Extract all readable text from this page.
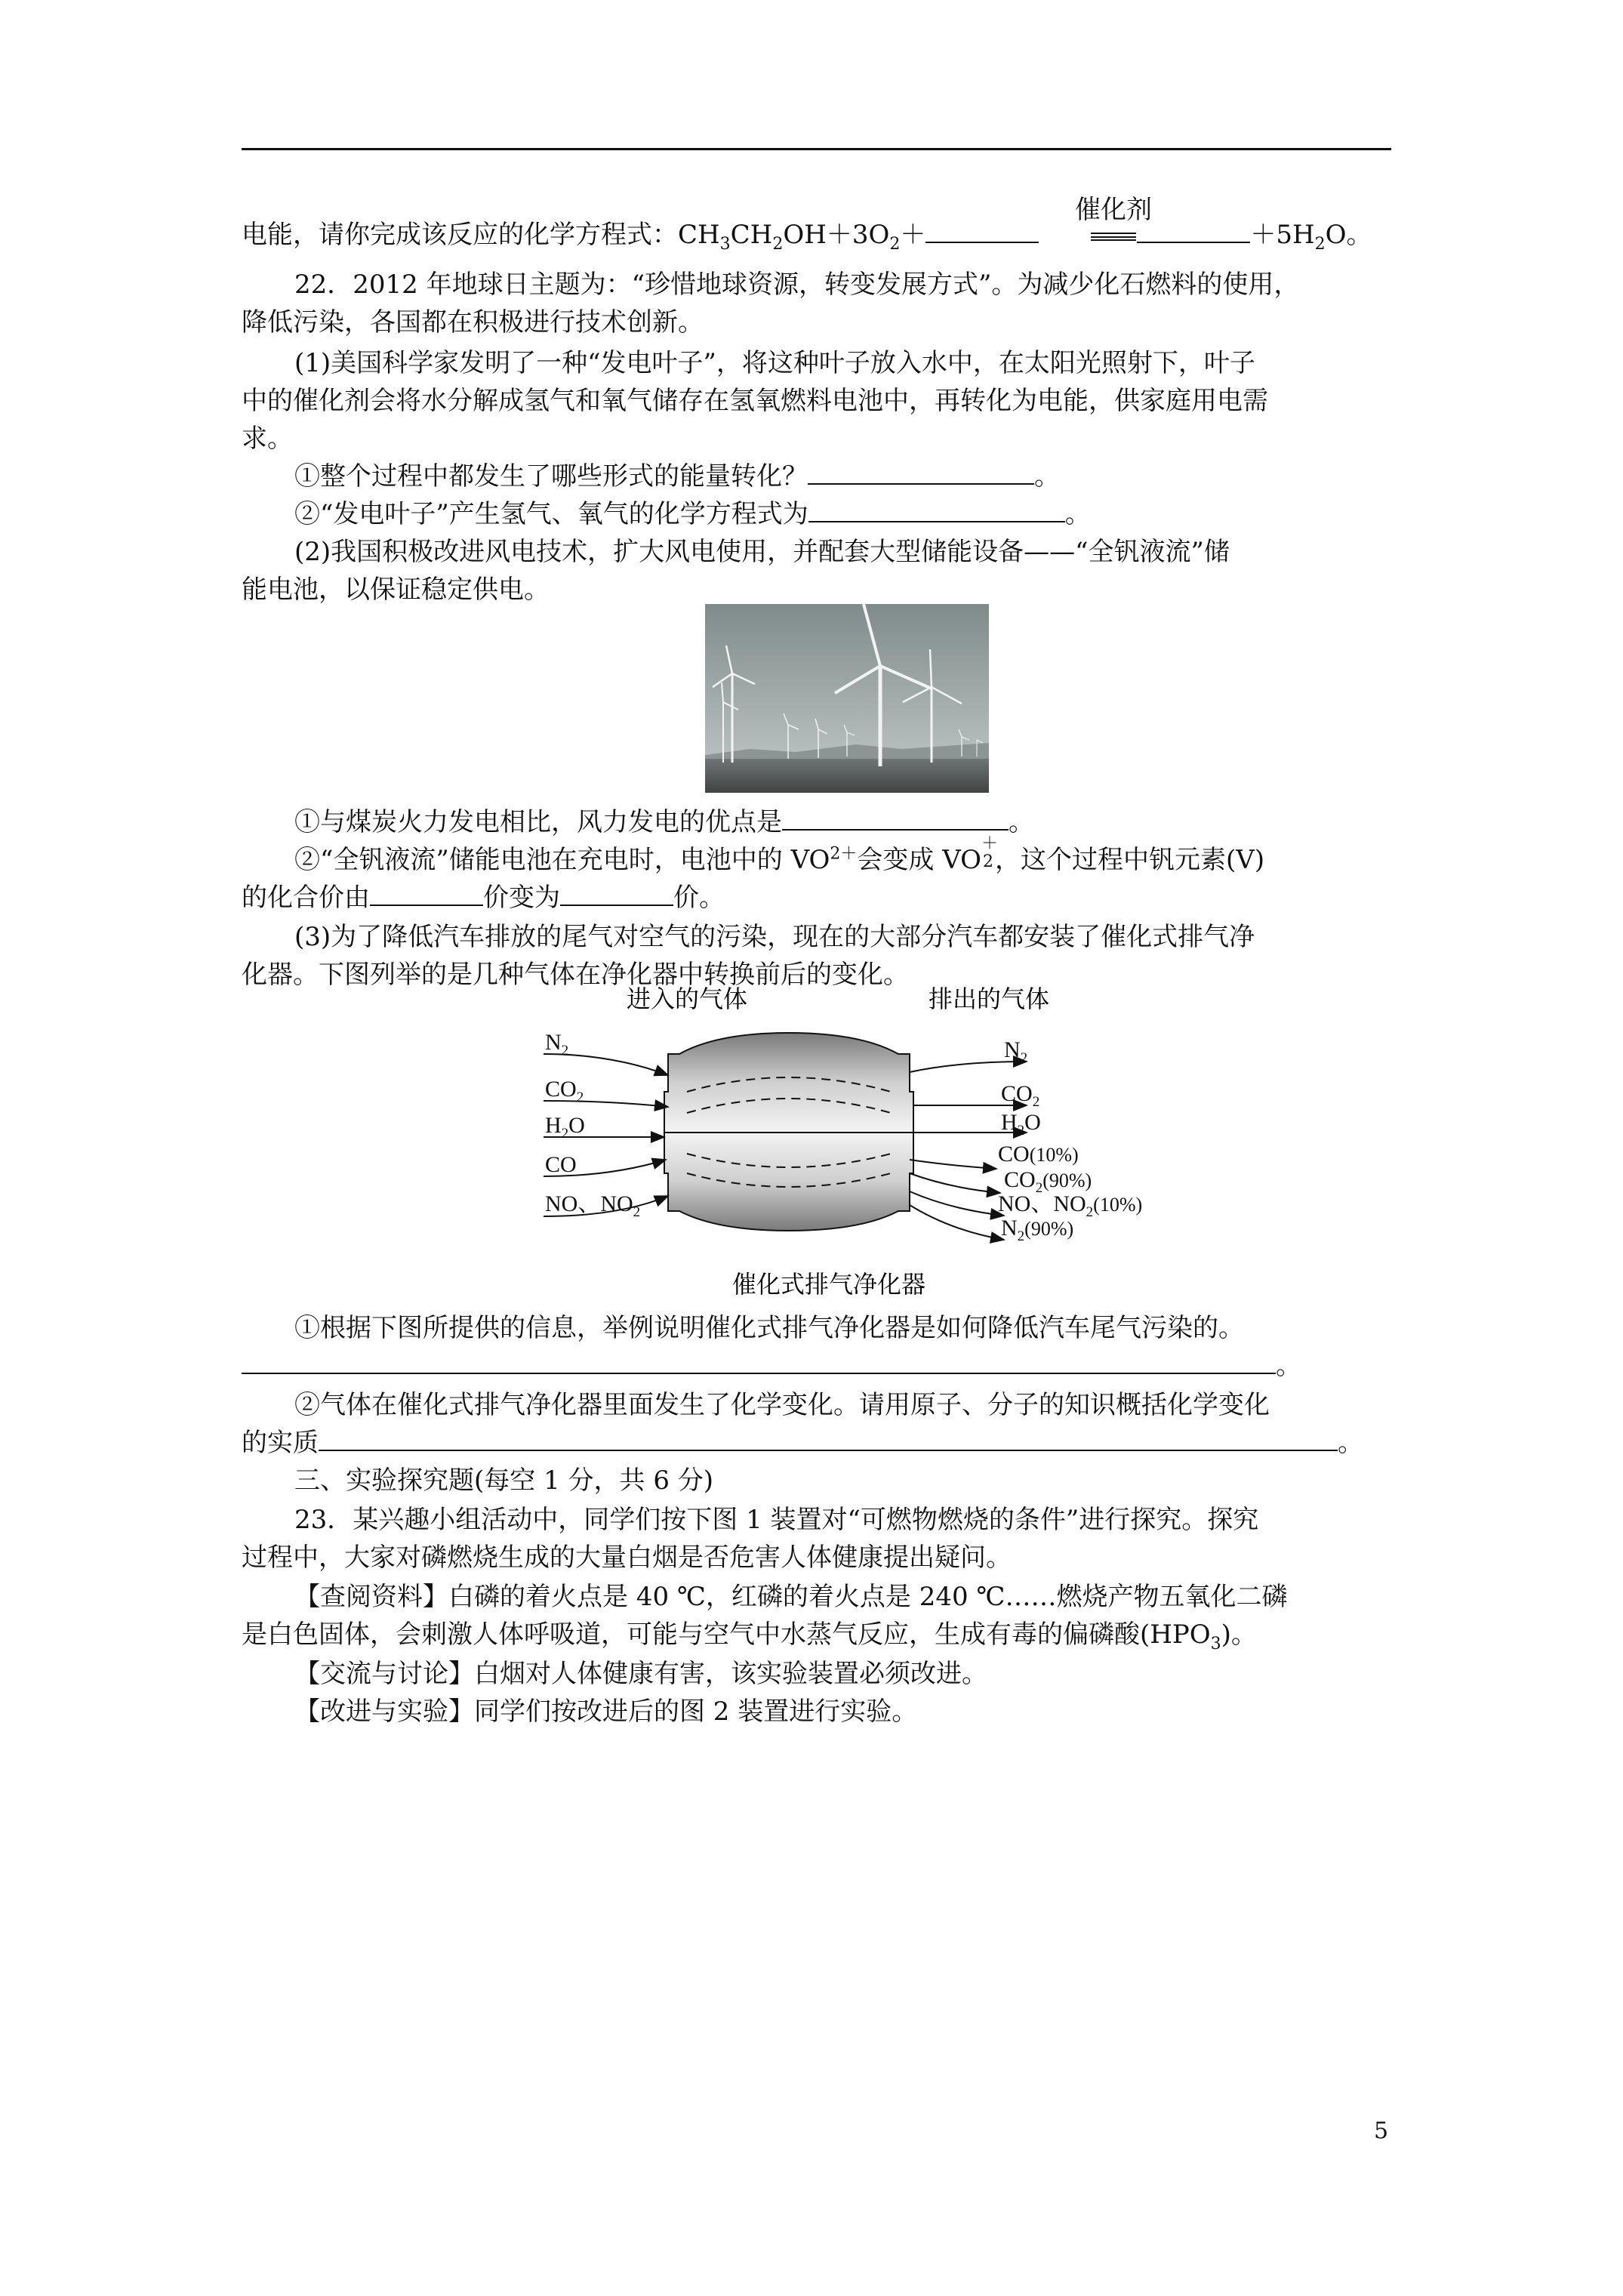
电能，请你完成该反应的化学方程式：$CH_3CH_2OH+3O_2+$	$+5H_2O$。
催化剂
22．2012 年地球日主题为：“珍惜地球资源，转变发展方式”。为减少化石燃料的使用，
降低污染，各国都在积极进行技术创新。
(1)美国科学家发明了一种“发电叶子”，将这种叶子放入水中，在太阳光照射下，叶子
中的催化剂会将水分解成氢气和氧气储存在氢氧燃料电池中，再转化为电能，供家庭用电需
求。
①整个过程中都发生了哪些形式的能量转化？	。
②“发电叶子”产生氢气、氧气的化学方程式为	。
(2)我国积极改进风电技术，扩大风电使用，并配套大型储能设备——“全钒液流”储
能电池，以保证稳定供电。
①与煤炭火力发电相比，风力发电的优点是	。
②“全钒液流”储能电池在充电时，电池中的 $VO^{2+}$会变成 VO
＋
2 ，这个过程中钒元素(V)
的化合价由	价变为	价。
(3)为了降低汽车排放的尾气对空气的污染，现在的大部分汽车都安装了催化式排气净
化器。下图列举的是几种气体在净化器中转换前后的变化。
进入的气体	排出的气体
$N_2$
$CO_2$
$H_2O$
CO
NO、$NO_2$
$N_2$
$CO_2$
$H_2O$
CO(10%)
$CO_2(90\%)$
NO、$NO_2(10\%)$
$N_2(90\%)$
催化式排气净化器
①根据下图所提供的信息，举例说明催化式排气净化器是如何降低汽车尾气污染的。
。
②气体在催化式排气净化器里面发生了化学变化。请用原子、分子的知识概括化学变化
的实质	。
三、实验探究题(每空 1 分，共 6 分)
23．某兴趣小组活动中，同学们按下图 1 装置对“可燃物燃烧的条件”进行探究。探究
过程中，大家对磷燃烧生成的大量白烟是否危害人体健康提出疑问。
【查阅资料】白磷的着火点是 40 ℃，红磷的着火点是 240 ℃……燃烧产物五氧化二磷
是白色固体，会刺激人体呼吸道，可能与空气中水蒸气反应，生成有毒的偏磷酸$(HPO_3)$。
【交流与讨论】白烟对人体健康有害，该实验装置必须改进。
【改进与实验】同学们按改进后的图 2 装置进行实验。
5
